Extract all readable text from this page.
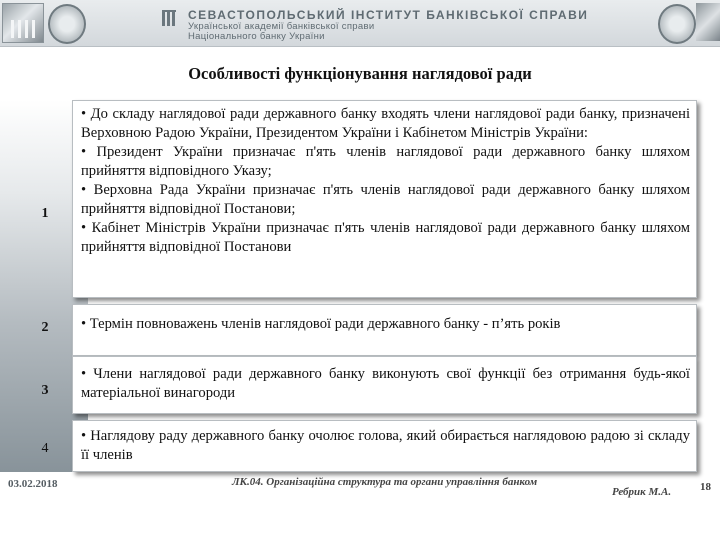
СЕВАСТОПОЛЬСЬКИЙ ІНСТИТУТ БАНКІВСЬКОЇ СПРАВИ

Української академії банківської справи

Національного банку України

Особливості функціонування наглядової ради
1
2
3
4

• До складу наглядової ради державного банку входять члени наглядової ради банку, призначені Верховною Радою України, Президентом України і Кабінетом Міністрів України:

• Президент України призначає п'ять членів наглядової ради державного банку шляхом прийняття відповідного Указу;

• Верховна Рада України призначає п'ять членів наглядової ради державного банку шляхом прийняття відповідної Постанови;

• Кабінет Міністрів України призначає п'ять членів наглядової ради державного банку шляхом прийняття відповідної Постанови

• Термін повноважень членів наглядової ради державного банку - п’ять років

• Члени наглядової ради державного банку виконують свої функції без отримання будь-якої матеріальної винагороди

• Наглядову раду державного банку очолює голова, який обирається наглядовою радою зі складу її членів

03.02.2018	ЛК.04. Організаційна структура та органи управління банком
Ребрик М.А.	18
